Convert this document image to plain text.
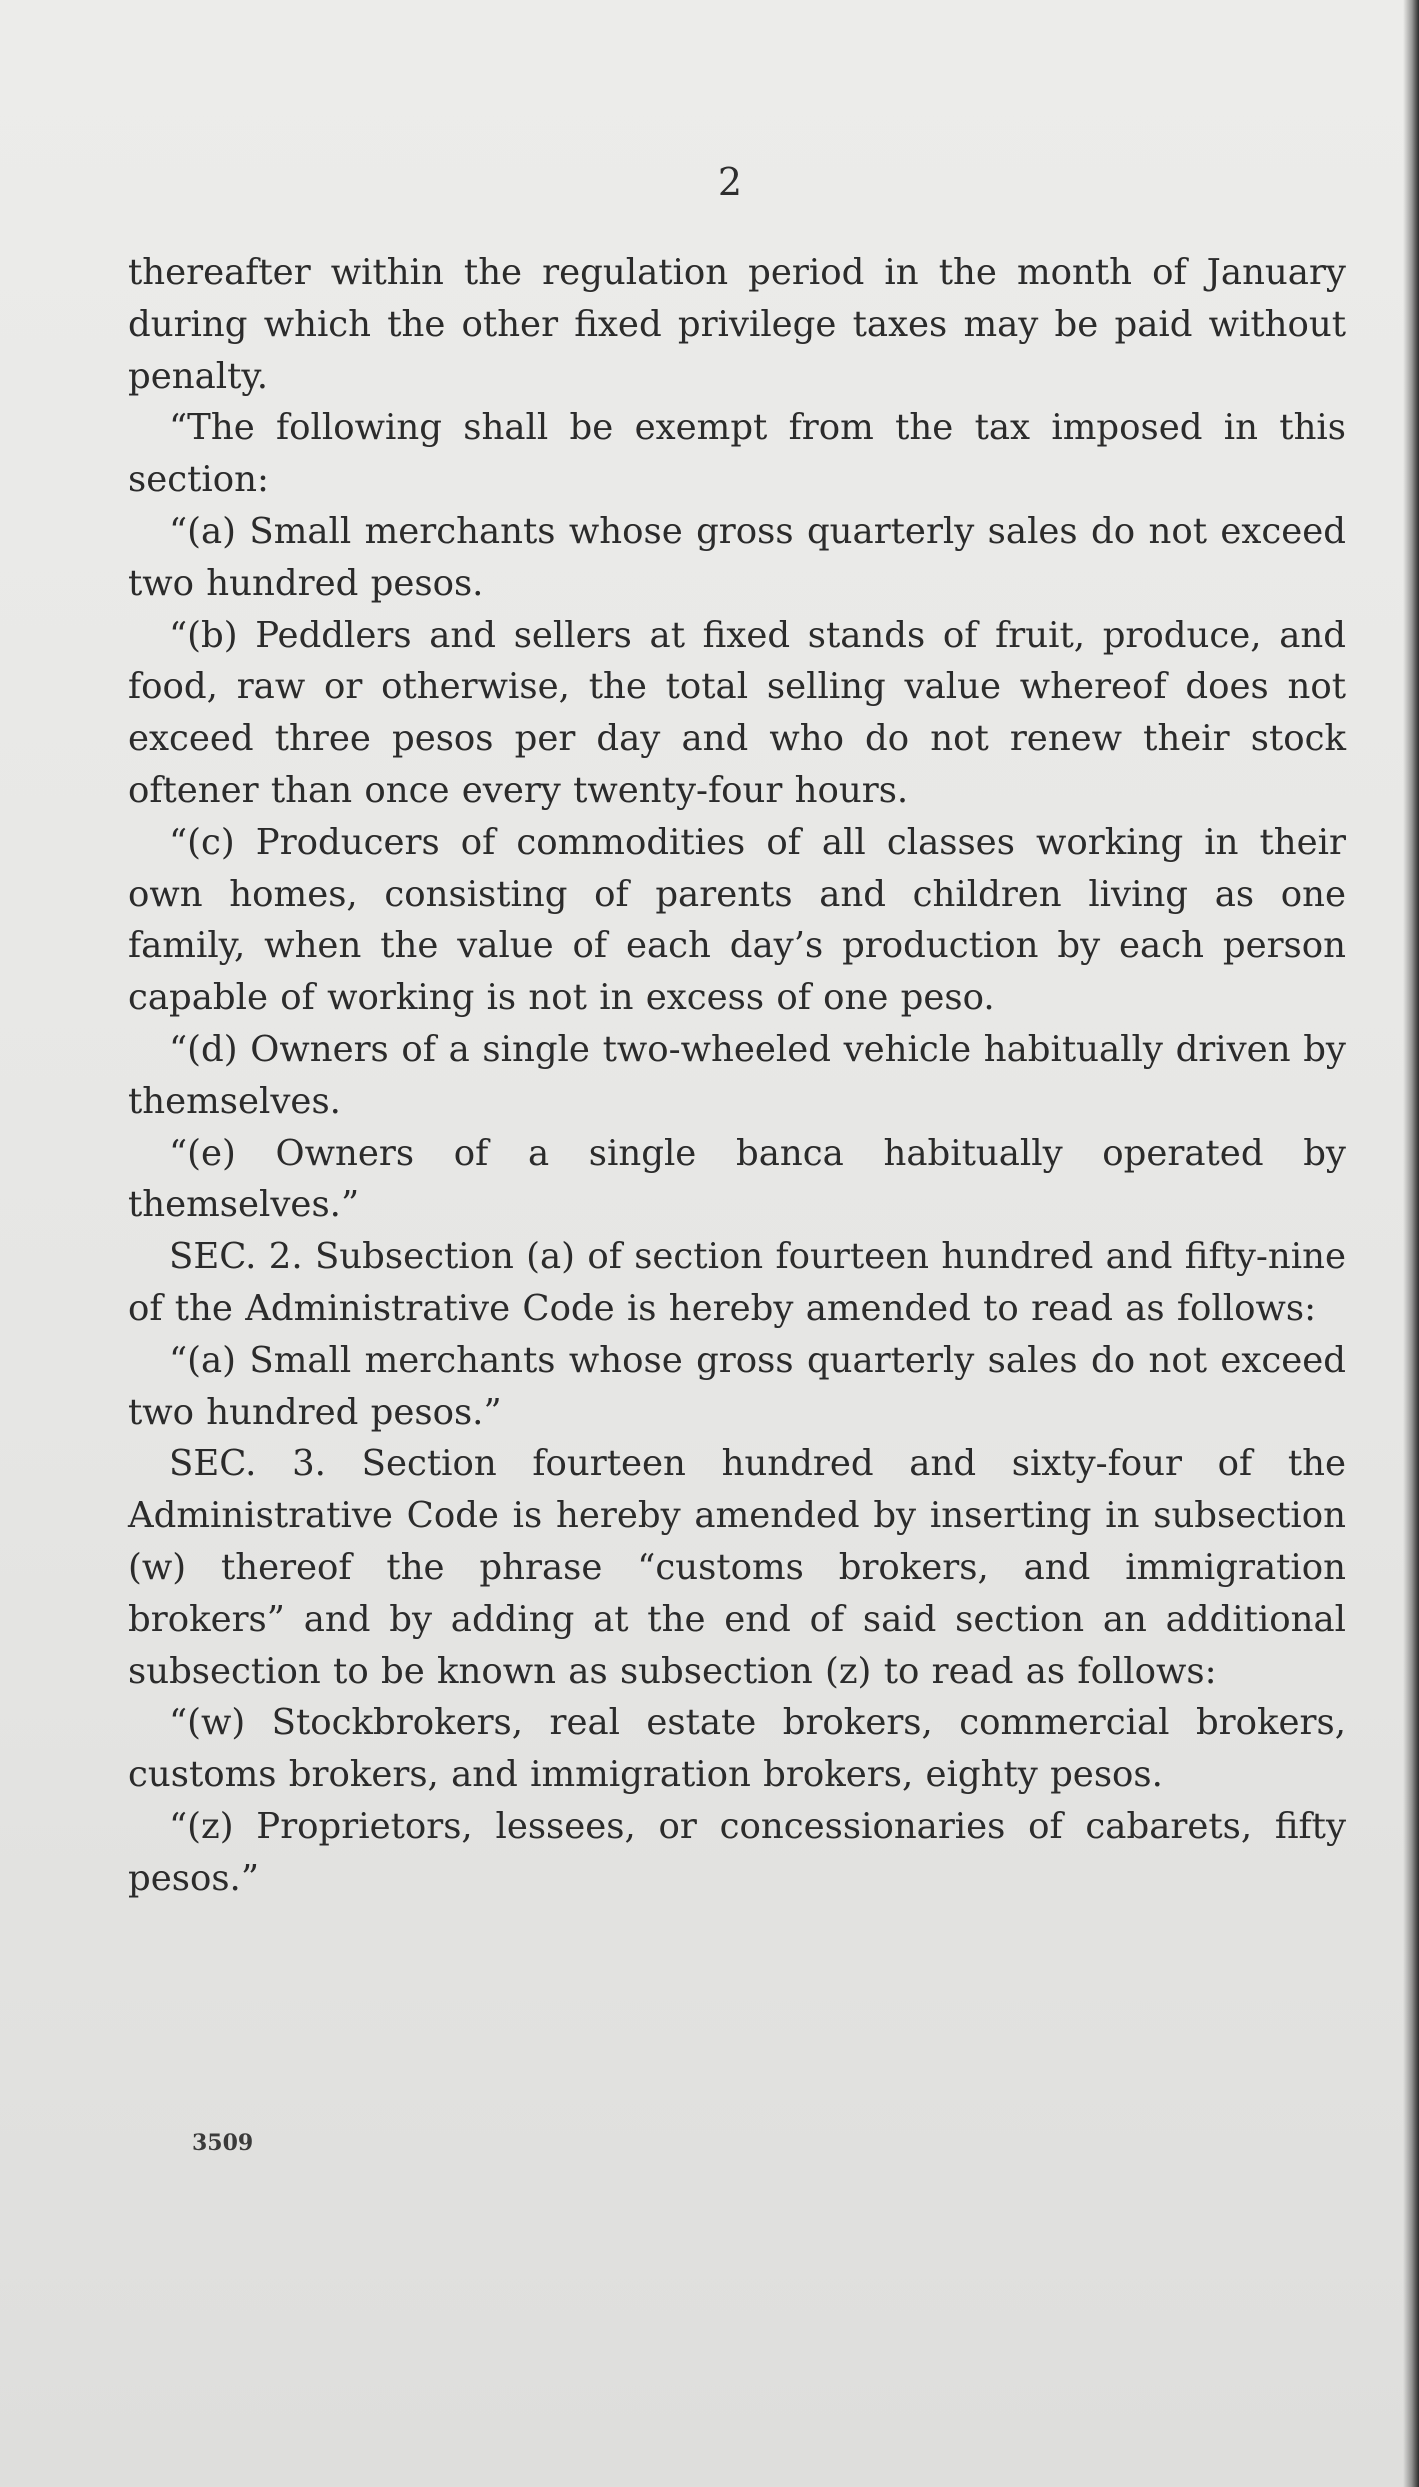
2

thereafter within the regulation period in the month of January during which the other fixed privilege taxes may be paid without penalty.

“The following shall be exempt from the tax imposed in this section:

“(a) Small merchants whose gross quarterly sales do not exceed two hundred pesos.

“(b) Peddlers and sellers at fixed stands of fruit, produce, and food, raw or otherwise, the total selling value whereof does not exceed three pesos per day and who do not renew their stock oftener than once every twenty-four hours.

“(c) Producers of commodities of all classes working in their own homes, consisting of parents and children living as one family, when the value of each day’s production by each person capable of working is not in excess of one peso.

“(d) Owners of a single two-wheeled vehicle habitually driven by themselves.

“(e) Owners of a single banca habitually operated by themselves.”

SEC. 2. Subsection (a) of section fourteen hundred and fifty-nine of the Administrative Code is hereby amended to read as follows:

“(a) Small merchants whose gross quarterly sales do not exceed two hundred pesos.”

SEC. 3. Section fourteen hundred and sixty-four of the Administrative Code is hereby amended by inserting in subsection (w) thereof the phrase “customs brokers, and immigration brokers” and by adding at the end of said section an additional subsection to be known as subsection (z) to read as follows:

“(w) Stockbrokers, real estate brokers, commercial brokers, customs brokers, and immigration brokers, eighty pesos.

“(z) Proprietors, lessees, or concessionaries of cabarets, fifty pesos.”

3509
